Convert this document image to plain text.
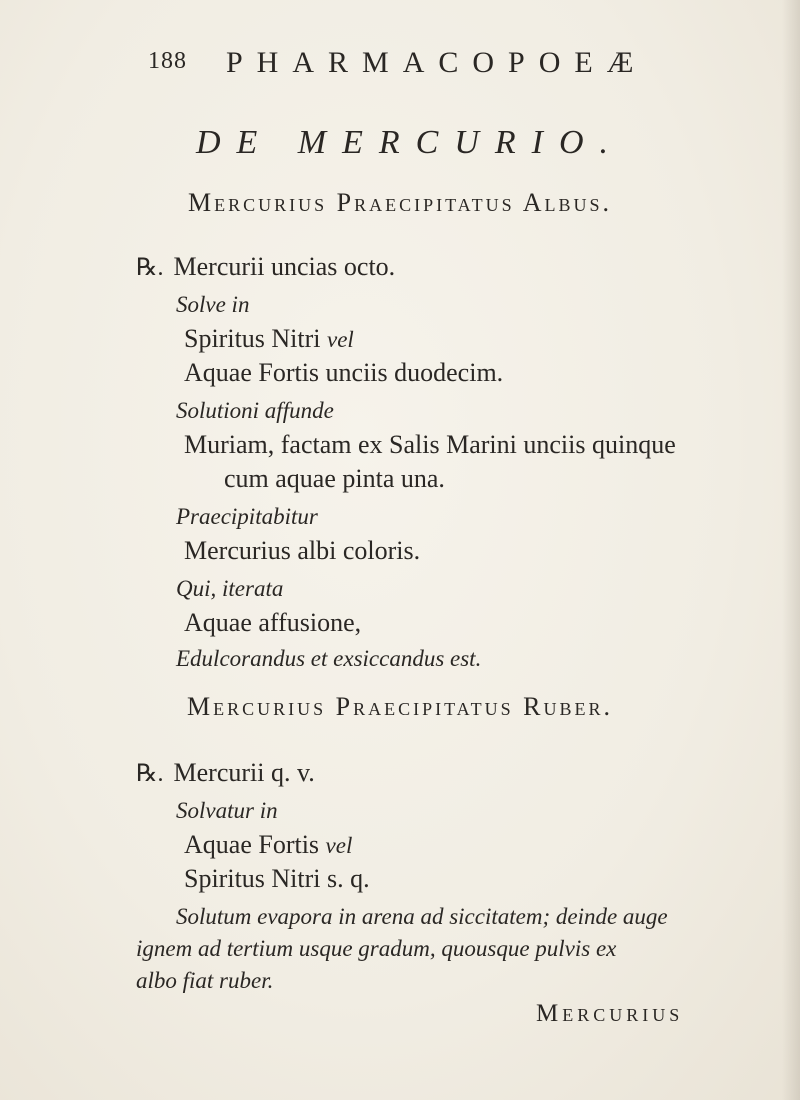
188 PHARMACOPOEÆ
DE MERCURIO.
Mercurius Praecipitatus Albus.
℞. Mercurii uncias octo.
Solve in
Spiritus Nitri vel
Aquae Fortis unciis duodecim.
Solutioni affunde
Muriam, factam ex Salis Marini unciis quinque
cum aquae pinta una.
Praecipitabitur
Mercurius albi coloris.
Qui, iterata
Aquae affusione,
Edulcorandus et exsiccandus est.
Mercurius Praecipitatus Ruber.
℞. Mercurii q. v.
Solvatur in
Aquae Fortis vel
Spiritus Nitri s. q.
Solutum evapora in arena ad siccitatem; deinde auge
ignem ad tertium usque gradum, quousque pulvis ex
albo fiat ruber.
Mercurius
